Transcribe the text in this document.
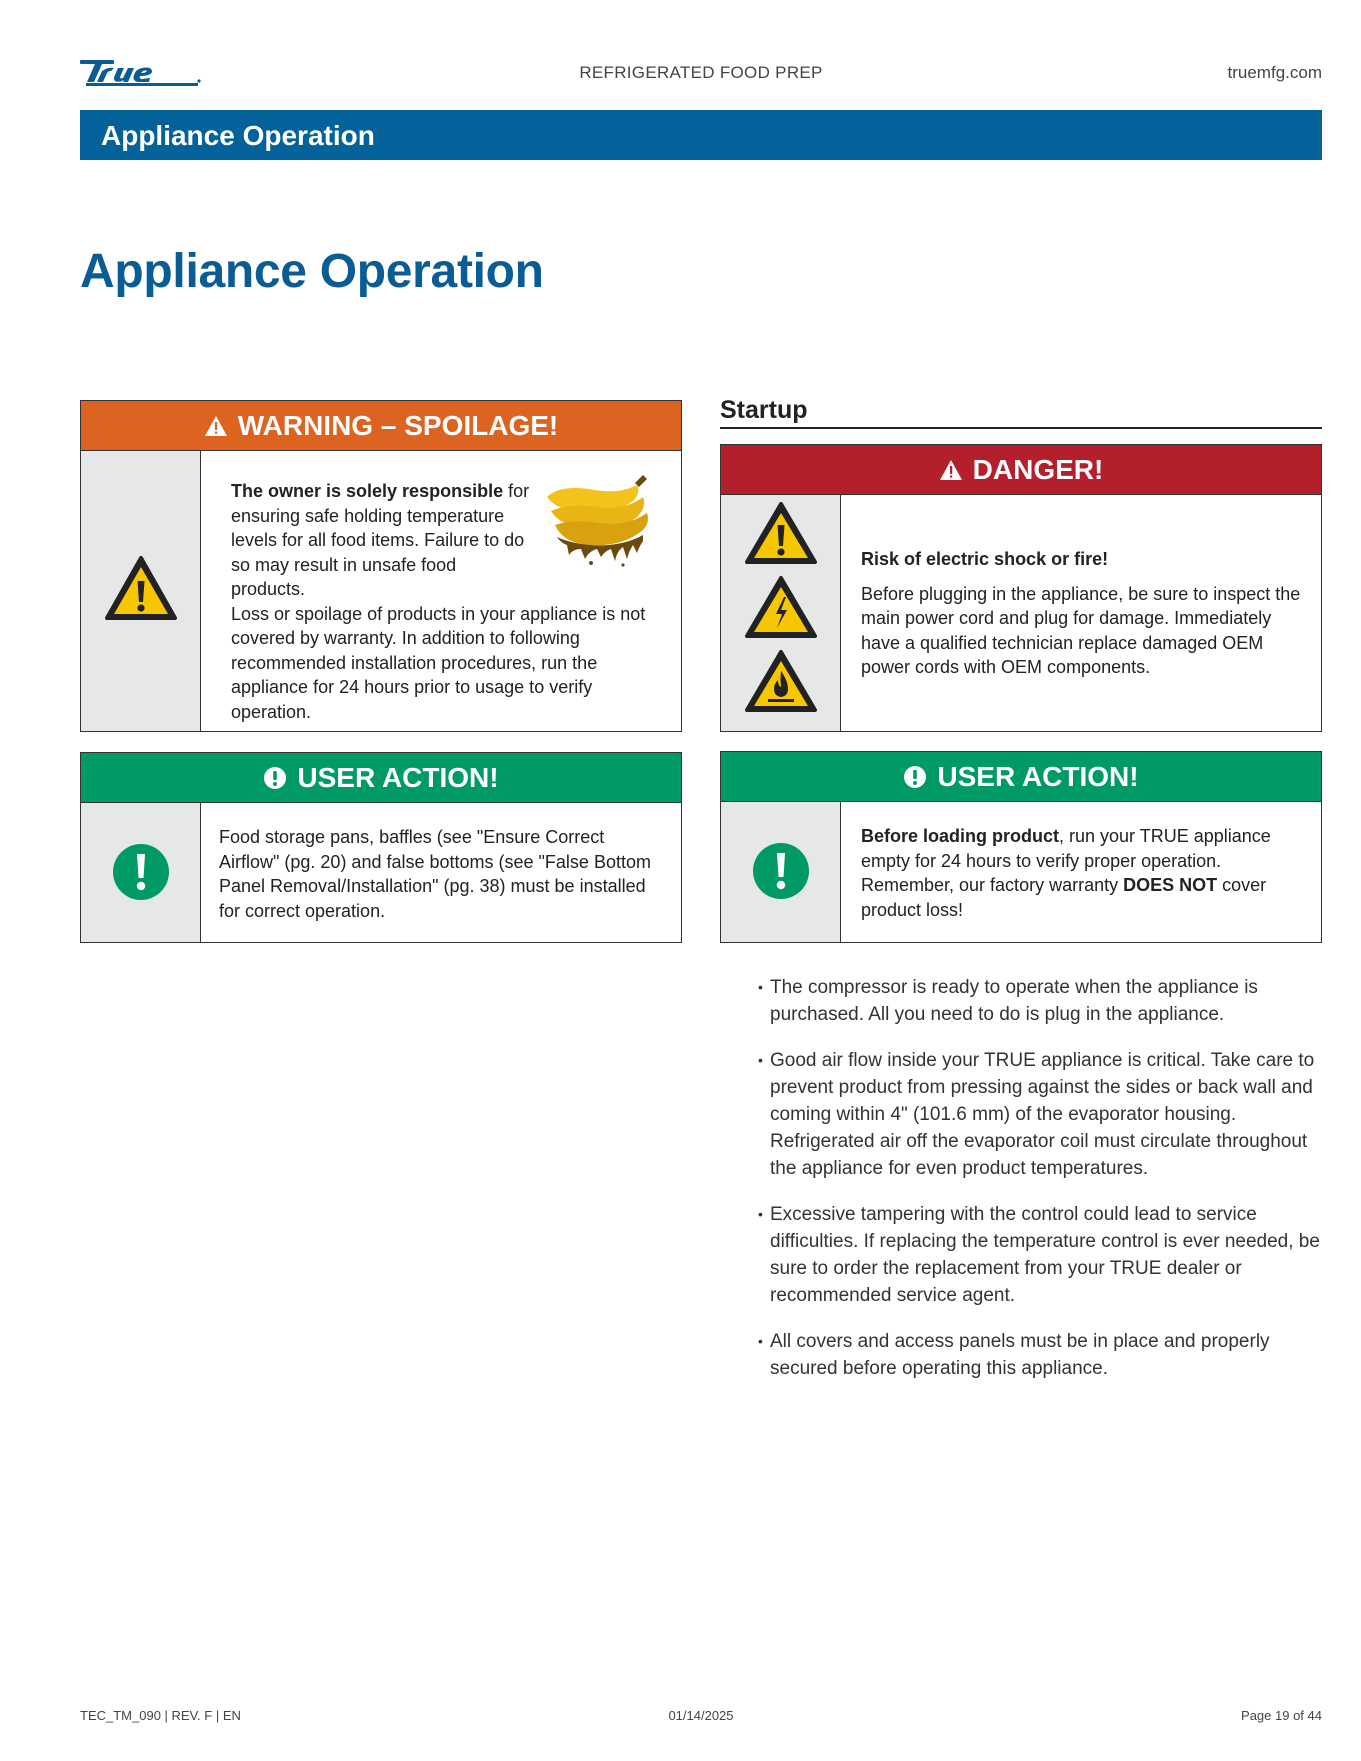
REFRIGERATED FOOD PREP	truemfg.com
Appliance Operation
Appliance Operation
WARNING – SPOILAGE!

The owner is solely responsible for ensuring safe holding temperature levels for all food items. Failure to do so may result in unsafe food products.

Loss or spoilage of products in your appliance is not covered by warranty. In addition to following recommended installation procedures, run the appliance for 24 hours prior to usage to verify operation.

USER ACTION!

Food storage pans, baffles (see "Ensure Correct Airflow" (pg. 20) and false bottoms (see "False Bottom Panel Removal/Installation" (pg. 38) must be installed for correct operation.

Startup
DANGER!

Risk of electric shock or fire!

Before plugging in the appliance, be sure to inspect the main power cord and plug for damage. Immediately have a qualified technician replace damaged OEM power cords with OEM components.

USER ACTION!

Before loading product, run your TRUE appliance empty for 24 hours to verify proper operation. Remember, our factory warranty DOES NOT cover product loss!

• The compressor is ready to operate when the appliance is purchased. All you need to do is plug in the appliance.
• Good air flow inside your TRUE appliance is critical. Take care to prevent product from pressing against the sides or back wall and coming within 4" (101.6 mm) of the evaporator housing. Refrigerated air off the evaporator coil must circulate throughout the appliance for even product temperatures.
• Excessive tampering with the control could lead to service difficulties. If replacing the temperature control is ever needed, be sure to order the replacement from your TRUE dealer or recommended service agent.
• All covers and access panels must be in place and properly secured before operating this appliance.
TEC_TM_090 | REV. F | EN	01/14/2025	Page 19 of 44
